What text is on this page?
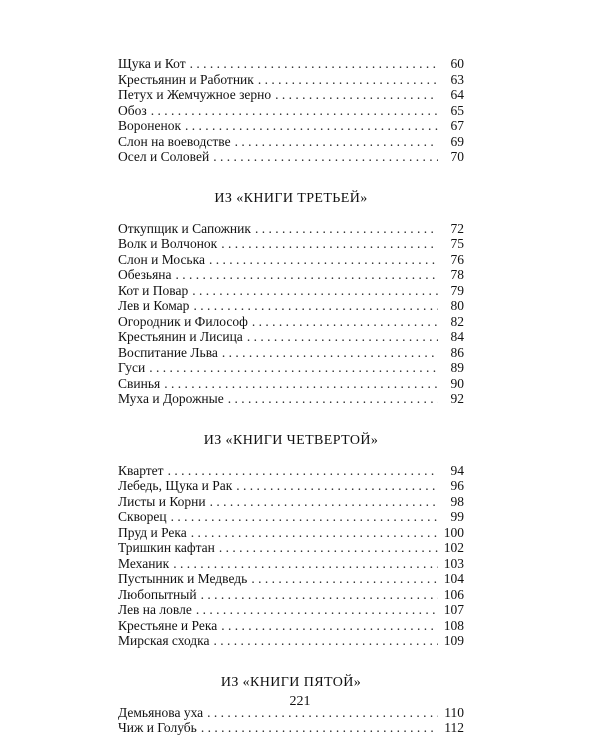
Щука и Кот . . .	60
Крестьянин и Работник . . .	63
Петух и Жемчужное зерно . . .	64
Обоз . . .	65
Вороненок . . .	67
Слон на воеводстве . . .	69
Осел и Соловей . . .	70
ИЗ «КНИГИ ТРЕТЬЕЙ»
Откупщик и Сапожник . . .	72
Волк и Волчонок . . .	75
Слон и Моська . . .	76
Обезьяна . . .	78
Кот и Повар . . .	79
Лев и Комар . . .	80
Огородник и Философ . . .	82
Крестьянин и Лисица . . .	84
Воспитание Льва . . .	86
Гуси . . .	89
Свинья . . .	90
Муха и Дорожные . . .	92
ИЗ «КНИГИ ЧЕТВЕРТОЙ»
Квартет . . .	94
Лебедь, Щука и Рак . . .	96
Листы и Корни . . .	98
Скворец . . .	99
Пруд и Река . . .	100
Тришкин кафтан . . .	102
Механик . . .	103
Пустынник и Медведь . . .	104
Любопытный . . .	106
Лев на ловле . . .	107
Крестьяне и Река . . .	108
Мирская сходка . . .	109
ИЗ «КНИГИ ПЯТОЙ»
Демьянова уха . . .	110
Чиж и Голубь . . .	112
221
